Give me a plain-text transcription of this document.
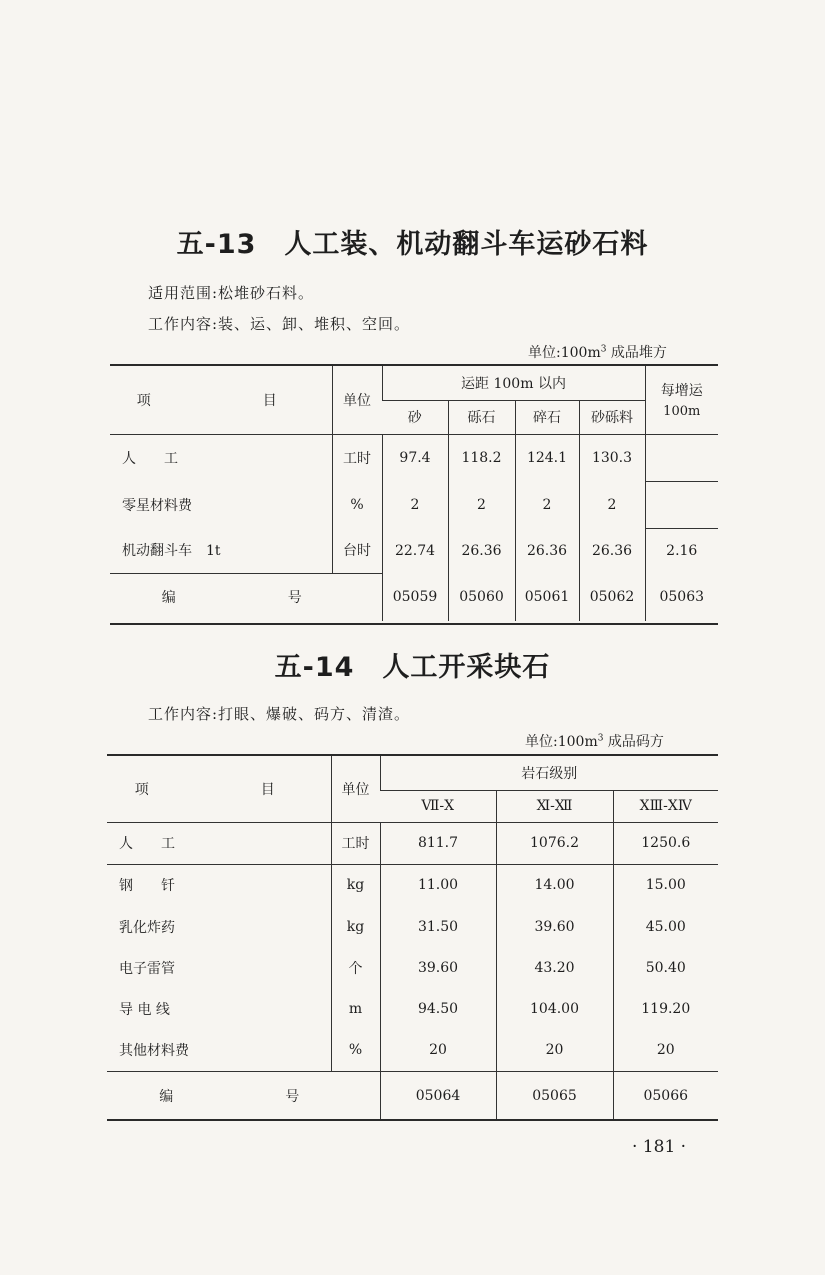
五-13　人工装、机动翻斗车运砂石料

适用范围:松堆砂石料。

工作内容:装、运、卸、堆积、空回。

单位$:100m^3$ 成品堆方

项　　目	单位	运距 100m 以内				每增运
100m

		砂	砾石	碎石	砂砾料	
人　　工	工时	97.4	118.2	124.1	130.3	
零星材料费	%	2	2	2	2	
机动翻斗车　1t	台时	22.74	26.36	26.36	26.36	2.16
编　　号		05059	05060	05061	05062	05063
五-14　人工开采块石

工作内容:打眼、爆破、码方、清渣。

单位$:100m^3$ 成品码方

项　　目	单位	岩石级别		
		Ⅶ-Ⅹ	Ⅺ-Ⅻ	ⅩⅢ-ⅩⅣ
人　　工	工时	811.7	1076.2	1250.6
钢　　钎	kg	11.00	14.00	15.00
乳化炸药	kg	31.50	39.60	45.00
电子雷管	个	39.60	43.20	50.40
导 电 线	m	94.50	104.00	119.20
其他材料费	%	20	20	20
编　　号		05064	05065	05066

· 181 ·
